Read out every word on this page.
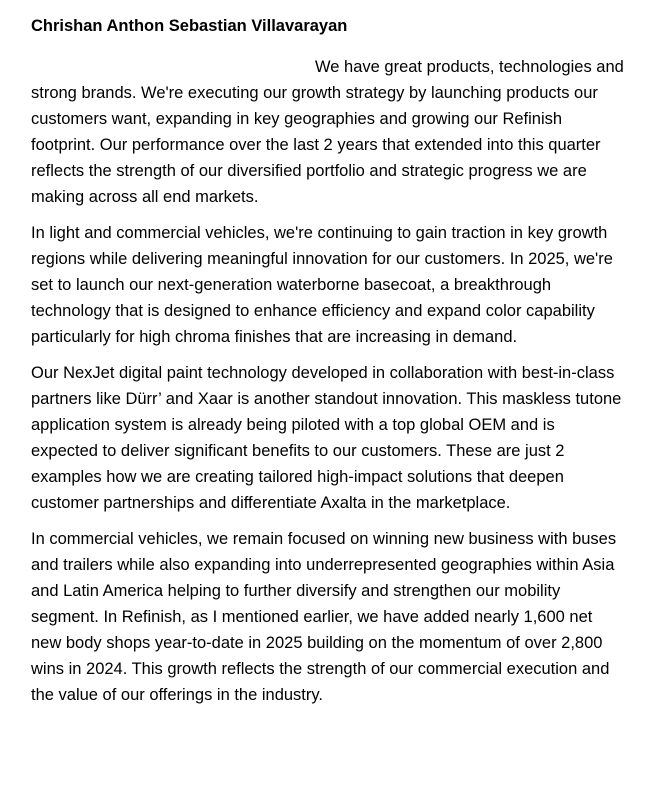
Chrishan Anthon Sebastian Villavarayan

We have great products, technologies and strong brands. We're executing our growth strategy by launching products our customers want, expanding in key geographies and growing our Refinish footprint. Our performance over the last 2 years that extended into this quarter reflects the strength of our diversified portfolio and strategic progress we are making across all end markets.

In light and commercial vehicles, we're continuing to gain traction in key growth regions while delivering meaningful innovation for our customers. In 2025, we're set to launch our next-generation waterborne basecoat, a breakthrough technology that is designed to enhance efficiency and expand color capability particularly for high chroma finishes that are increasing in demand.

Our NexJet digital paint technology developed in collaboration with best-in-class partners like Dürr’ and Xaar is another standout innovation. This maskless tutone application system is already being piloted with a top global OEM and is expected to deliver significant benefits to our customers. These are just 2 examples how we are creating tailored high-impact solutions that deepen customer partnerships and differentiate Axalta in the marketplace.

In commercial vehicles, we remain focused on winning new business with buses and trailers while also expanding into underrepresented geographies within Asia and Latin America helping to further diversify and strengthen our mobility segment. In Refinish, as I mentioned earlier, we have added nearly 1,600 net new body shops year-to-date in 2025 building on the momentum of over 2,800 wins in 2024. This growth reflects the strength of our commercial execution and the value of our offerings in the industry.
